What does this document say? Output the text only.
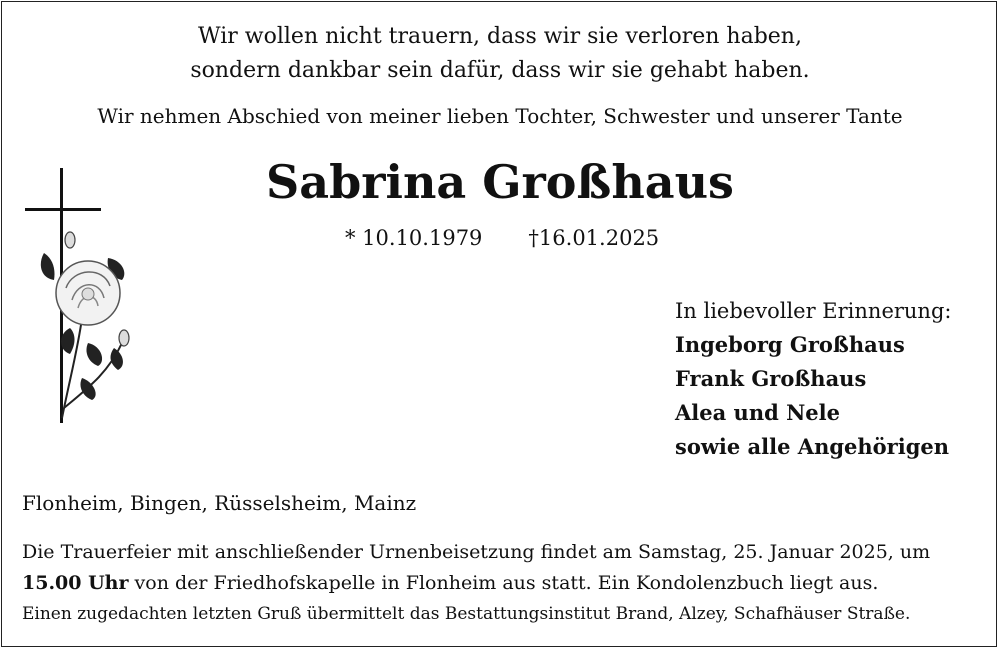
Wir wollen nicht trauern, dass wir sie verloren haben,
sondern dankbar sein dafür, dass wir sie gehabt haben.
Wir nehmen Abschied von meiner lieben Tochter, Schwester und unserer Tante
Sabrina Großhaus
* 10.10.1979 †16.01.2025
In liebevoller Erinnerung:
Ingeborg Großhaus
Frank Großhaus
Alea und Nele
sowie alle Angehörigen
Flonheim, Bingen, Rüsselsheim, Mainz
Die Trauerfeier mit anschließender Urnenbeisetzung findet am Samstag, 25. Januar 2025, um
15.00 Uhr von der Friedhofskapelle in Flonheim aus statt. Ein Kondolenzbuch liegt aus.
Einen zugedachten letzten Gruß übermittelt das Bestattungsinstitut Brand, Alzey, Schafhäuser Straße.
